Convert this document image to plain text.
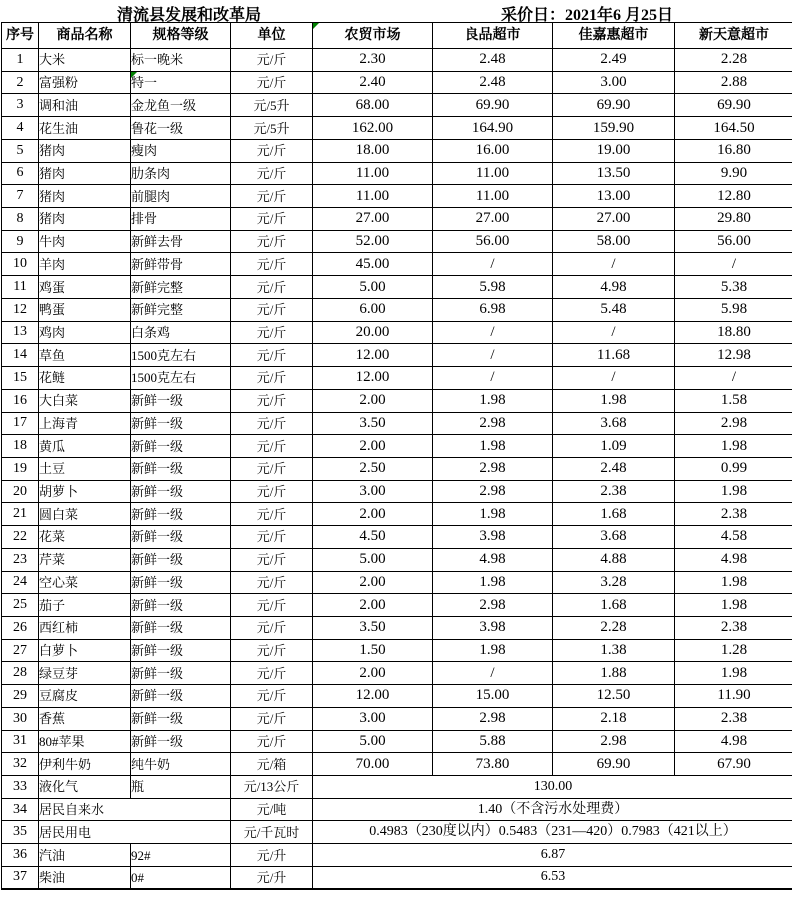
清流县发展和改革局	采价日：2021年6 月25日
序号	商品名称	规格等级	单位	农贸市场	良品超市	佳嘉惠超市	新天意超市
1	大米	标一晚米	元/斤	2.30	2.48	2.49	2.28
2	富强粉	特一	元/斤	2.40	2.48	3.00	2.88
3	调和油	金龙鱼一级	元/5升	68.00	69.90	69.90	69.90
4	花生油	鲁花一级	元/5升	162.00	164.90	159.90	164.50
5	猪肉	瘦肉	元/斤	18.00	16.00	19.00	16.80
6	猪肉	肋条肉	元/斤	11.00	11.00	13.50	9.90
7	猪肉	前腿肉	元/斤	11.00	11.00	13.00	12.80
8	猪肉	排骨	元/斤	27.00	27.00	27.00	29.80
9	牛肉	新鲜去骨	元/斤	52.00	56.00	58.00	56.00
10	羊肉	新鲜带骨	元/斤	45.00	/	/	/
11	鸡蛋	新鲜完整	元/斤	5.00	5.98	4.98	5.38
12	鸭蛋	新鲜完整	元/斤	6.00	6.98	5.48	5.98
13	鸡肉	白条鸡	元/斤	20.00	/	/	18.80
14	草鱼	1500克左右	元/斤	12.00	/	11.68	12.98
15	花鲢	1500克左右	元/斤	12.00	/	/	/
16	大白菜	新鲜一级	元/斤	2.00	1.98	1.98	1.58
17	上海青	新鲜一级	元/斤	3.50	2.98	3.68	2.98
18	黄瓜	新鲜一级	元/斤	2.00	1.98	1.09	1.98
19	土豆	新鲜一级	元/斤	2.50	2.98	2.48	0.99
20	胡萝卜	新鲜一级	元/斤	3.00	2.98	2.38	1.98
21	圆白菜	新鲜一级	元/斤	2.00	1.98	1.68	2.38
22	花菜	新鲜一级	元/斤	4.50	3.98	3.68	4.58
23	芹菜	新鲜一级	元/斤	5.00	4.98	4.88	4.98
24	空心菜	新鲜一级	元/斤	2.00	1.98	3.28	1.98
25	茄子	新鲜一级	元/斤	2.00	2.98	1.68	1.98
26	西红柿	新鲜一级	元/斤	3.50	3.98	2.28	2.38
27	白萝卜	新鲜一级	元/斤	1.50	1.98	1.38	1.28
28	绿豆芽	新鲜一级	元/斤	2.00	/	1.88	1.98
29	豆腐皮	新鲜一级	元/斤	12.00	15.00	12.50	11.90
30	香蕉	新鲜一级	元/斤	3.00	2.98	2.18	2.38
31	80#苹果	新鲜一级	元/斤	5.00	5.88	2.98	4.98
32	伊利牛奶	纯牛奶	元/箱	70.00	73.80	69.90	67.90
33	液化气	瓶	元/13公斤	130.00			
34	居民自来水		元/吨	1.40（不含污水处理费）			
35	居民用电		元/千瓦时	0.4983（230度以内）0.5483（231—420）0.7983（421以上）			
36	汽油	92#	元/升	6.87			
37	柴油	0#	元/升	6.53			
